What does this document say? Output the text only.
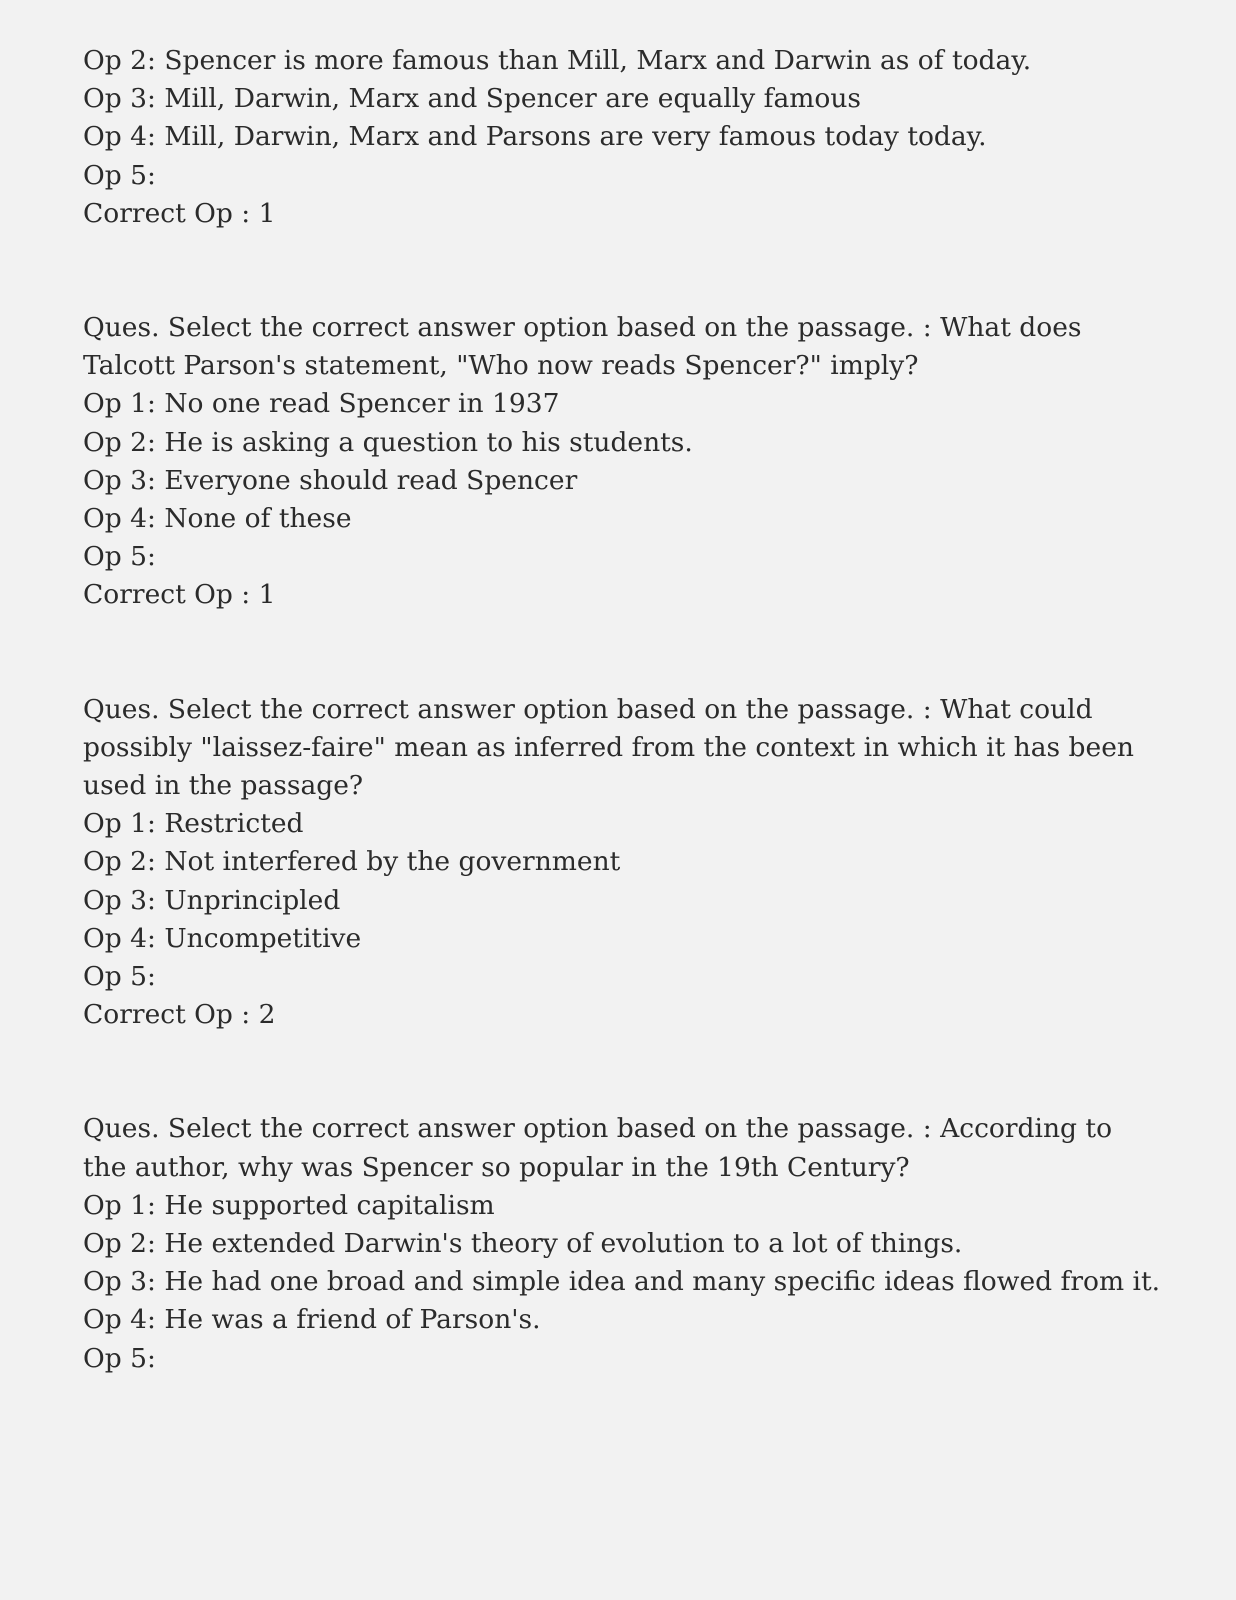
Op 2: Spencer is more famous than Mill, Marx and Darwin as of today.
Op 3: Mill, Darwin, Marx and Spencer are equally famous
Op 4: Mill, Darwin, Marx and Parsons are very famous today today.
Op 5:
Correct Op : 1
Ques. Select the correct answer option based on the passage. : What does Talcott Parson's statement, "Who now reads Spencer?" imply?
Op 1: No one read Spencer in 1937
Op 2: He is asking a question to his students.
Op 3: Everyone should read Spencer
Op 4: None of these
Op 5:
Correct Op : 1
Ques. Select the correct answer option based on the passage. : What could possibly "laissez-faire" mean as inferred from the context in which it has been used in the passage?
Op 1: Restricted
Op 2: Not interfered by the government
Op 3: Unprincipled
Op 4: Uncompetitive
Op 5:
Correct Op : 2
Ques. Select the correct answer option based on the passage. : According to the author, why was Spencer so popular in the 19th Century?
Op 1: He supported capitalism
Op 2: He extended Darwin's theory of evolution to a lot of things.
Op 3: He had one broad and simple idea and many specific ideas flowed from it.
Op 4: He was a friend of Parson's.
Op 5:
